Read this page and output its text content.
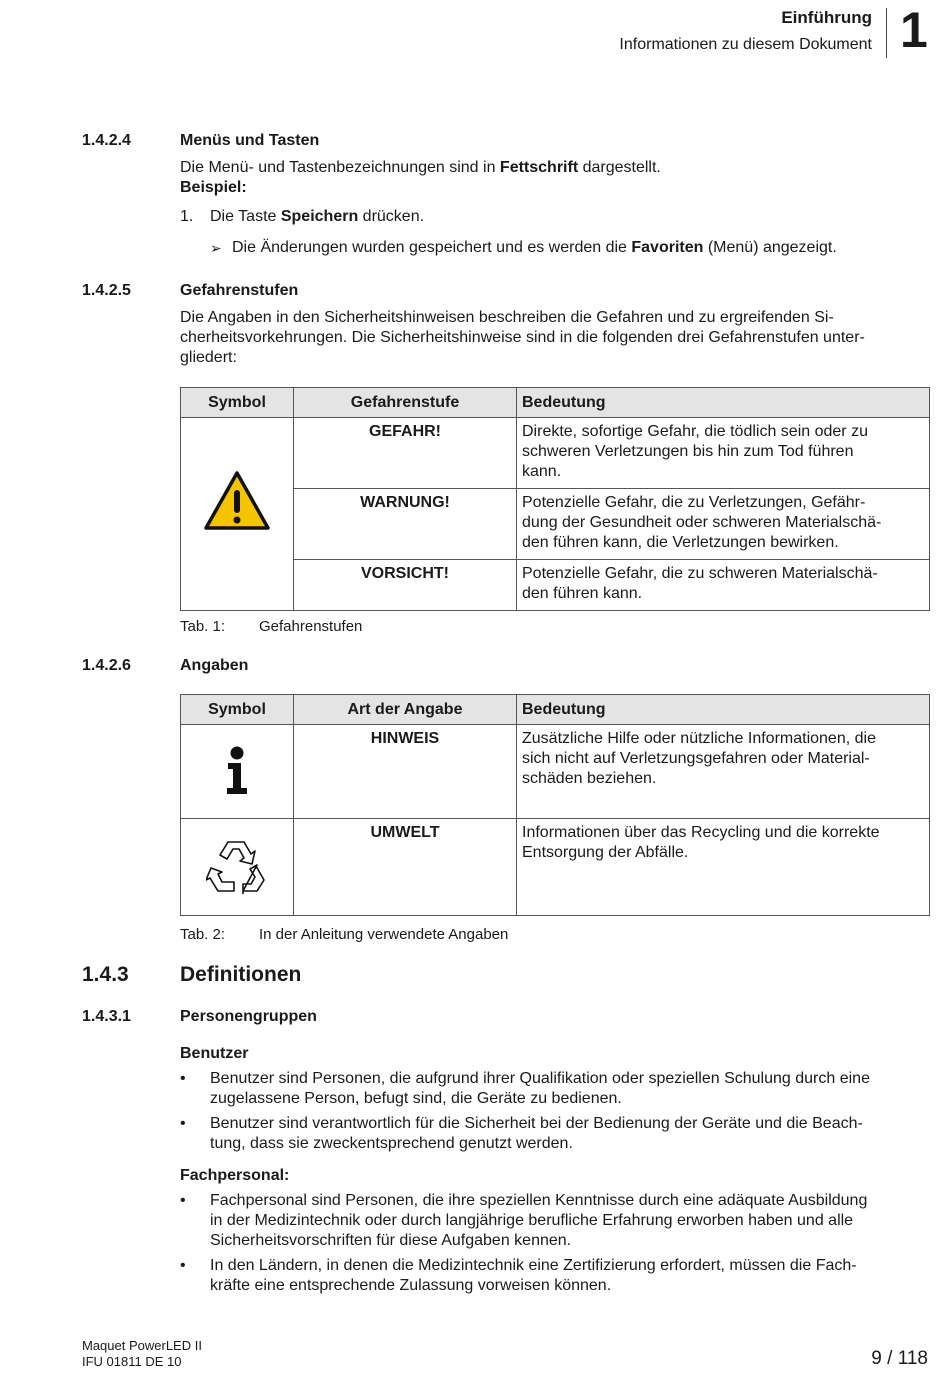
Einführung
Informationen zu diesem Dokument 1
1.4.2.4	Menüs und Tasten
Die Menü- und Tastenbezeichnungen sind in Fettschrift dargestellt.
Beispiel:
1. Die Taste Speichern drücken.
➢ Die Änderungen wurden gespeichert und es werden die Favoriten (Menü) angezeigt.
1.4.2.5	Gefahrenstufen
Die Angaben in den Sicherheitshinweisen beschreiben die Gefahren und zu ergreifenden Si-
cherheitsvorkehrungen. Die Sicherheitshinweise sind in die folgenden drei Gefahrenstufen unter-
gliedert:
Symbol	Gefahrenstufe	Bedeutung
	GEFAHR!	Direkte, sofortige Gefahr, die tödlich sein oder zu
schweren Verletzungen bis hin zum Tod führen
kann.

	WARNUNG!	Potenzielle Gefahr, die zu Verletzungen, Gefähr-
dung der Gesundheit oder schweren Materialschä-
den führen kann, die Verletzungen bewirken.

	VORSICHT!	Potenzielle Gefahr, die zu schweren Materialschä-
den führen kann.
Tab. 1: Gefahrenstufen
1.4.2.6	Angaben
Symbol	Art der Angabe	Bedeutung
	HINWEIS	Zusätzliche Hilfe oder nützliche Informationen, die
sich nicht auf Verletzungsgefahren oder Material-
schäden beziehen.

	UMWELT	Informationen über das Recycling und die korrekte
Entsorgung der Abfälle.
Tab. 2: In der Anleitung verwendete Angaben
1.4.3 Definitionen
1.4.3.1	Personengruppen
Benutzer
• Benutzer sind Personen, die aufgrund ihrer Qualifikation oder speziellen Schulung durch eine
zugelassene Person, befugt sind, die Geräte zu bedienen.
• Benutzer sind verantwortlich für die Sicherheit bei der Bedienung der Geräte und die Beach-
tung, dass sie zweckentsprechend genutzt werden.
Fachpersonal:
• Fachpersonal sind Personen, die ihre speziellen Kenntnisse durch eine adäquate Ausbildung
in der Medizintechnik oder durch langjährige berufliche Erfahrung erworben haben und alle
Sicherheitsvorschriften für diese Aufgaben kennen.
• In den Ländern, in denen die Medizintechnik eine Zertifizierung erfordert, müssen die Fach-
kräfte eine entsprechende Zulassung vorweisen können.
Maquet PowerLED II
IFU 01811 DE 10	9 / 118
